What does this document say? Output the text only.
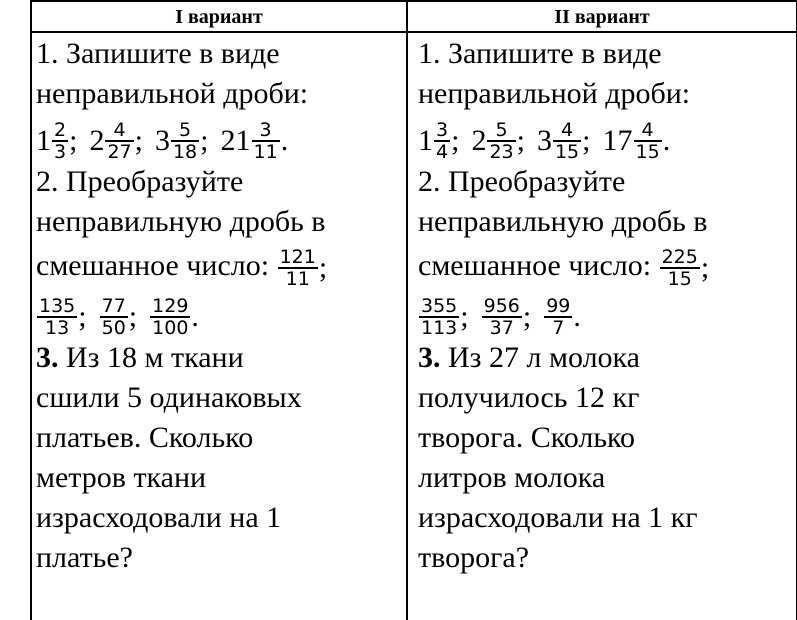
I вариант	II вариант
1. Запишите в виде
неправильной дроби:
$1 \frac{2}{3}$ ; $2 \frac{4}{27}$ ; $3 \frac{5}{18}$ ; $21 \frac{3}{11}$ .
2. Преобразуйте
неправильную дробь в
смешанное число: $\frac{121}{11}$ ;
$\frac{135}{13}$ ; $\frac{77}{50}$ ; $\frac{129}{100}$ .
3. Из 18 м ткани
сшили 5 одинаковых
платьев. Сколько
метров ткани
израсходовали на 1
платье?
1. Запишите в виде
неправильной дроби:
$1 \frac{3}{4}$ ; $2 \frac{5}{23}$ ; $3 \frac{4}{15}$ ; $17 \frac{4}{15}$ .
2. Преобразуйте
неправильную дробь в
смешанное число: $\frac{225}{15}$ ;
$\frac{355}{113}$ ; $\frac{956}{37}$ ; $\frac{99}{7}$ .
3. Из 27 л молока
получилось 12 кг
творога. Сколько
литров молока
израсходовали на 1 кг
творога?
